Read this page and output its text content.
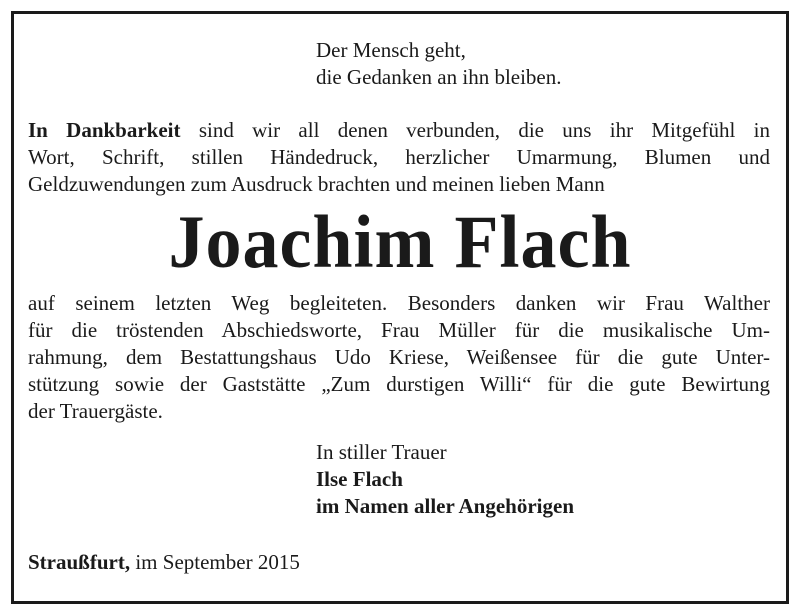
Der Mensch geht,
die Gedanken an ihn bleiben.
In Dankbarkeit sind wir all denen verbunden, die uns ihr Mitgefühl in
Wort, Schrift, stillen Händedruck, herzlicher Umarmung, Blumen und
Geldzuwendungen zum Ausdruck brachten und meinen lieben Mann
Joachim Flach
auf seinem letzten Weg begleiteten. Besonders danken wir Frau Walther
für die tröstenden Abschiedsworte, Frau Müller für die musikalische Um-
rahmung, dem Bestattungshaus Udo Kriese, Weißensee für die gute Unter-
stützung sowie der Gaststätte „Zum durstigen Willi“ für die gute Bewirtung
der Trauergäste.
In stiller Trauer
Ilse Flach
im Namen aller Angehörigen
Straußfurt, im September 2015
